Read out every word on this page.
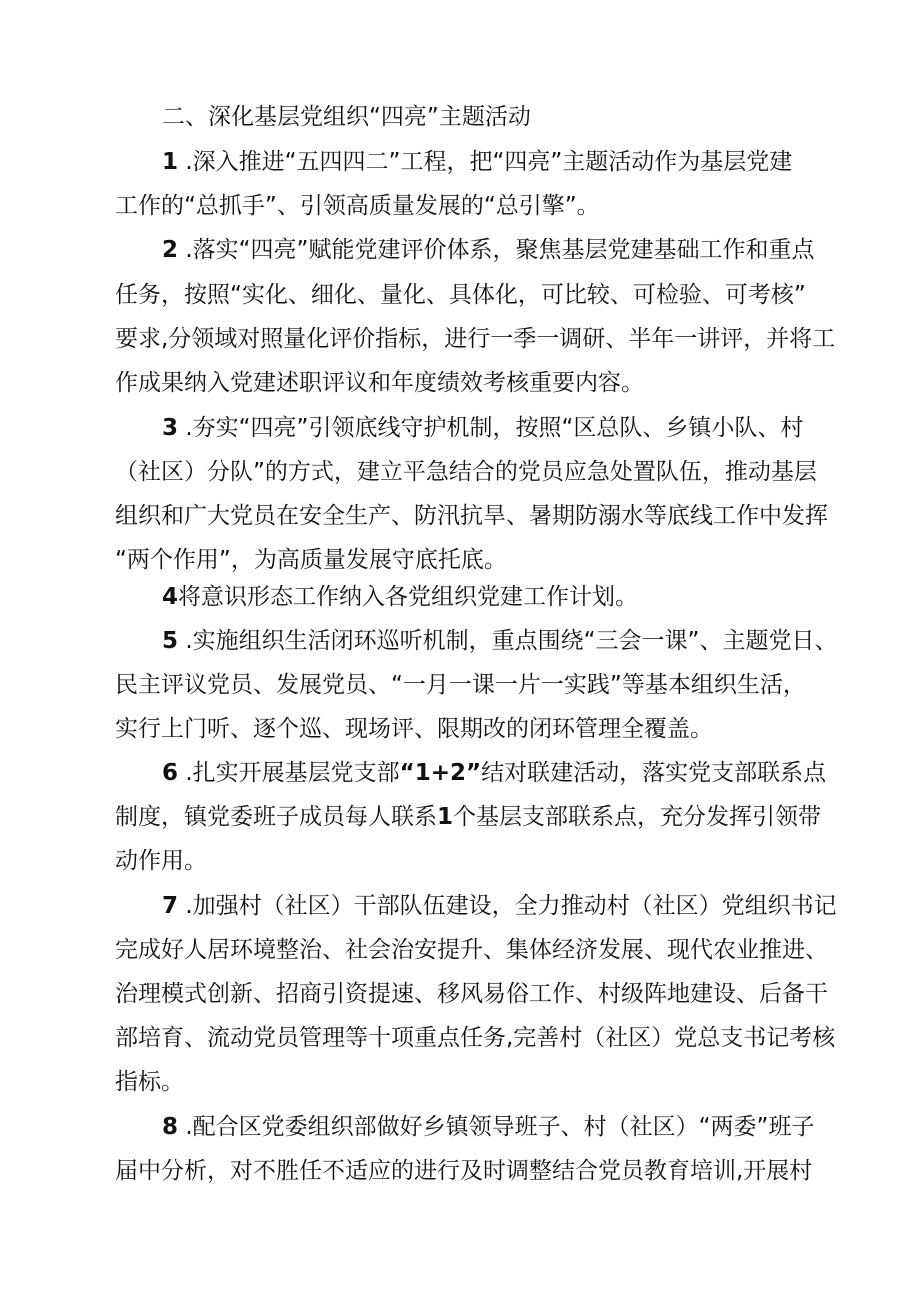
二、深化基层党组织“四亮”主题活动
1 .深入推进“五四四二”工程，把“四亮”主题活动作为基层党建
工作的“总抓手”、引领高质量发展的“总引擎”。
2 .落实“四亮”赋能党建评价体系，聚焦基层党建基础工作和重点
任务，按照“实化、细化、量化、具体化，可比较、可检验、可考核”
要求,分领域对照量化评价指标，进行一季一调研、半年一讲评，并将工
作成果纳入党建述职评议和年度绩效考核重要内容。
3 .夯实“四亮”引领底线守护机制，按照“区总队、乡镇小队、村
（社区）分队”的方式，建立平急结合的党员应急处置队伍，推动基层
组织和广大党员在安全生产、防汛抗旱、暑期防溺水等底线工作中发挥
“两个作用”，为高质量发展守底托底。
4将意识形态工作纳入各党组织党建工作计划。
5 .实施组织生活闭环巡听机制，重点围绕“三会一课”、主题党日、
民主评议党员、发展党员、“一月一课一片一实践”等基本组织生活，
实行上门听、逐个巡、现场评、限期改的闭环管理全覆盖。
6 .扎实开展基层党支部“1+2”结对联建活动，落实党支部联系点
制度，镇党委班子成员每人联系1个基层支部联系点，充分发挥引领带
动作用。
7 .加强村（社区）干部队伍建设，全力推动村（社区）党组织书记
完成好人居环境整治、社会治安提升、集体经济发展、现代农业推进、
治理模式创新、招商引资提速、移风易俗工作、村级阵地建设、后备干
部培育、流动党员管理等十项重点任务,完善村（社区）党总支书记考核
指标。
8 .配合区党委组织部做好乡镇领导班子、村（社区）“两委”班子
届中分析，对不胜任不适应的进行及时调整结合党员教育培训,开展村
